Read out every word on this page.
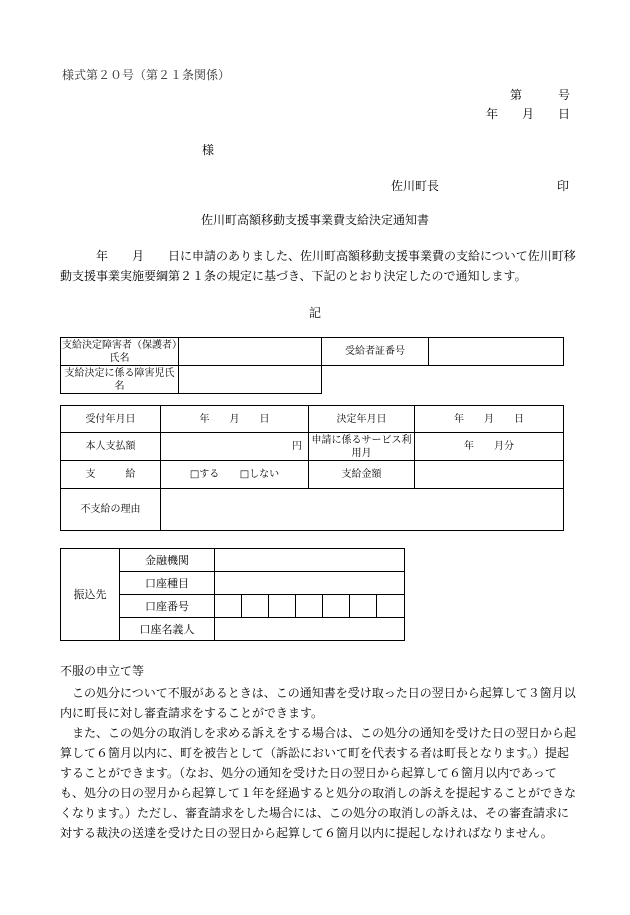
様式第２０号（第２１条関係）
第　　　号
年　　月　　日
様
佐川町長	印
佐川町高額移動支援事業費支給決定通知書
　　　年　　月　　日に申請のありました、佐川町高額移動支援事業費の支給について佐川町移動支援事業実施要綱第２１条の規定に基づき、下記のとおり決定したので通知します。
記
支給決定障害者（保護者）氏名		受給者証番号	
支給決定に係る障害児氏名			
受付年月日	年　　月　　日	決定年月日	年　　月　　日
本人支払額	円	申請に係るサービス利用月	年　　月分
支　　　給	□する □しない	支給金額	
不支給の理由			
振込先	金融機関							
	口座種目							
	口座番号							
	口座名義人							
不服の申立て等
この処分について不服があるときは、この通知書を受け取った日の翌日から起算して３箇月以内に町長に対し審査請求をすることができます。
また、この処分の取消しを求める訴えをする場合は、この処分の通知を受けた日の翌日から起算して６箇月以内に、町を被告として（訴訟において町を代表する者は町長となります。）提起することができます。（なお、処分の通知を受けた日の翌日から起算して６箇月以内であっても、処分の日の翌月から起算して１年を経過すると処分の取消しの訴えを提起することができなくなります。）ただし、審査請求をした場合には、この処分の取消しの訴えは、その審査請求に対する裁決の送達を受けた日の翌日から起算して６箇月以内に提起しなければなりません。
